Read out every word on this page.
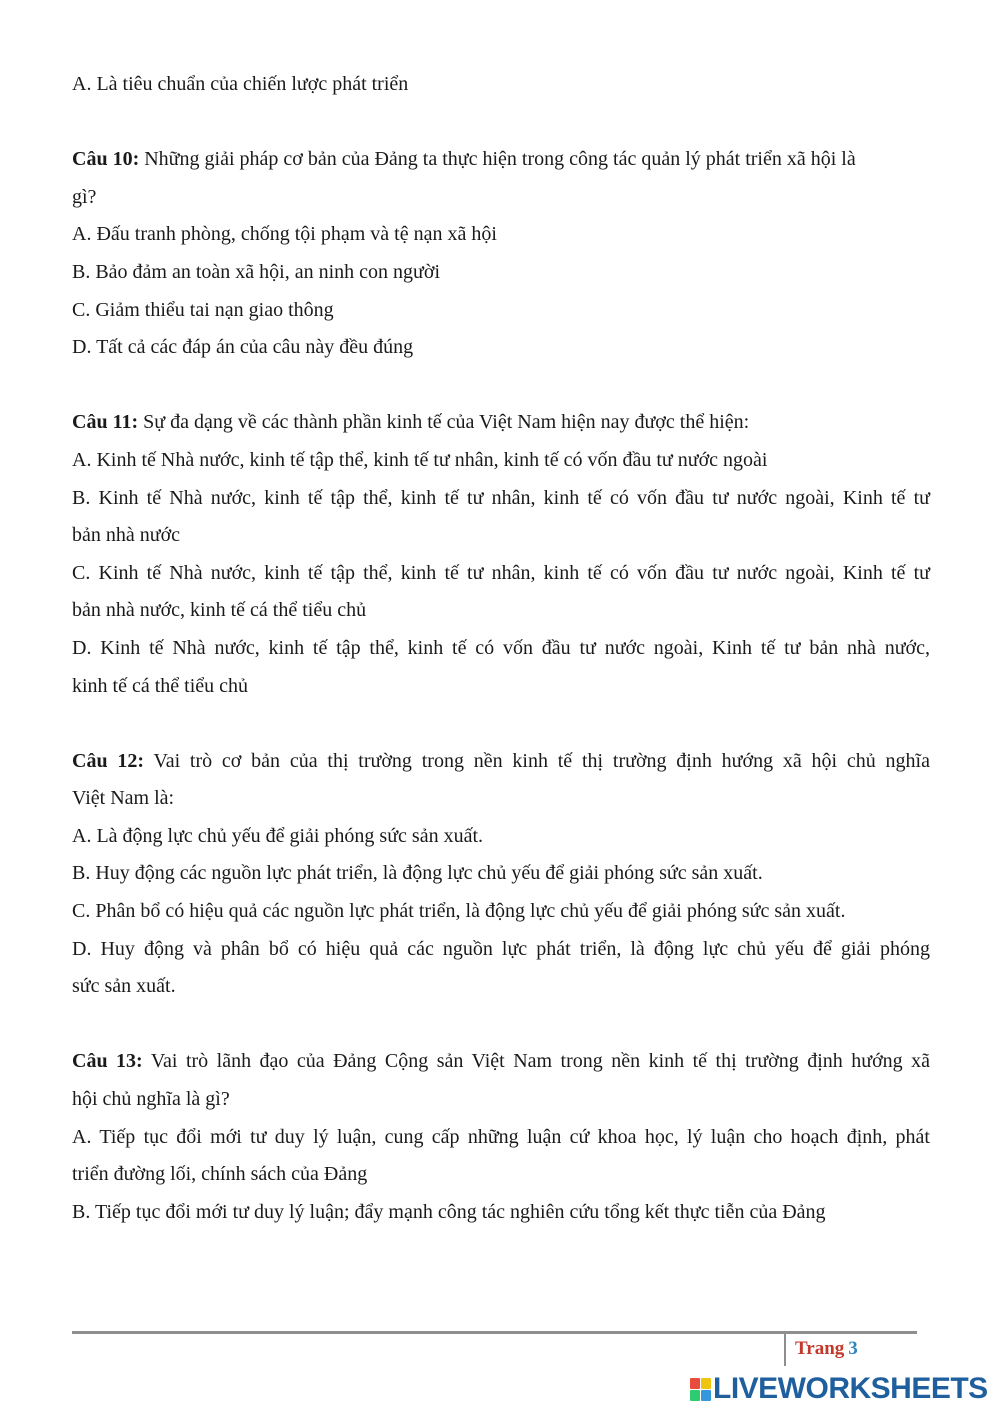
A. Là tiêu chuẩn của chiến lược phát triển

Câu 10: Những giải pháp cơ bản của Đảng ta thực hiện trong công tác quản lý phát triển xã hội là

gì?

A. Đấu tranh phòng, chống tội phạm và tệ nạn xã hội

B. Bảo đảm an toàn xã hội, an ninh con người

C. Giảm thiểu tai nạn giao thông

D. Tất cả các đáp án của câu này đều đúng

Câu 11: Sự đa dạng về các thành phần kinh tế của Việt Nam hiện nay được thể hiện:

A. Kinh tế Nhà nước, kinh tế tập thể, kinh tế tư nhân, kinh tế có vốn đầu tư nước ngoài

B. Kinh tế Nhà nước, kinh tế tập thể, kinh tế tư nhân, kinh tế có vốn đầu tư nước ngoài, Kinh tế tư

bản nhà nước

C. Kinh tế Nhà nước, kinh tế tập thể, kinh tế tư nhân, kinh tế có vốn đầu tư nước ngoài, Kinh tế tư

bản nhà nước, kinh tế cá thể tiểu chủ

D. Kinh tế Nhà nước, kinh tế tập thể, kinh tế có vốn đầu tư nước ngoài, Kinh tế tư bản nhà nước,

kinh tế cá thể tiểu chủ

Câu 12: Vai trò cơ bản của thị trường trong nền kinh tế thị trường định hướng xã hội chủ nghĩa

Việt Nam là:

A. Là động lực chủ yếu để giải phóng sức sản xuất.

B. Huy động các nguồn lực phát triển, là động lực chủ yếu để giải phóng sức sản xuất.

C. Phân bổ có hiệu quả các nguồn lực phát triển, là động lực chủ yếu để giải phóng sức sản xuất.

D. Huy động và phân bổ có hiệu quả các nguồn lực phát triển, là động lực chủ yếu để giải phóng

sức sản xuất.

Câu 13: Vai trò lãnh đạo của Đảng Cộng sản Việt Nam trong nền kinh tế thị trường định hướng xã

hội chủ nghĩa là gì?

A. Tiếp tục đổi mới tư duy lý luận, cung cấp những luận cứ khoa học, lý luận cho hoạch định, phát

triển đường lối, chính sách của Đảng

B. Tiếp tục đổi mới tư duy lý luận; đẩy mạnh công tác nghiên cứu tổng kết thực tiễn của Đảng

Trang 3
LIVEWORKSHEETS
